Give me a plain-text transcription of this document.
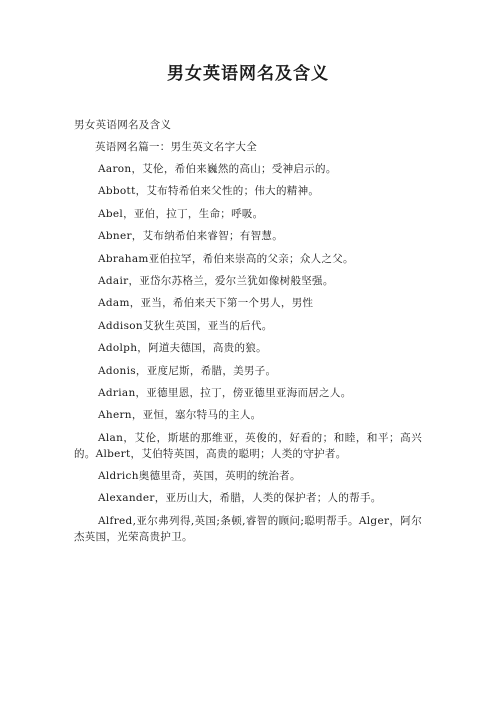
男女英语网名及含义

男女英语网名及含义

英语网名篇一：男生英文名字大全

Aaron，艾伦，希伯来巍然的高山；受神启示的。

Abbott，艾布特希伯来父性的；伟大的精神。

Abel，亚伯，拉丁，生命；呼吸。

Abner，艾布纳希伯来睿智；有智慧。

Abraham亚伯拉罕，希伯来崇高的父亲；众人之父。

Adair，亚岱尔苏格兰，爱尔兰犹如像树般坚强。

Adam，亚当，希伯来天下第一个男人，男性

Addison艾狄生英国，亚当的后代。

Adolph，阿道夫德国，高贵的狼。

Adonis，亚度尼斯，希腊，美男子。

Adrian，亚德里恩，拉丁，傍亚德里亚海而居之人。

Ahern，亚恒，塞尔特马的主人。

Alan，艾伦，斯堪的那维亚，英俊的，好看的；和睦，和平；高兴的。Albert，艾伯特英国，高贵的聪明；人类的守护者。

Aldrich奥德里奇，英国，英明的统治者。

Alexander，亚历山大，希腊，人类的保护者；人的帮手。

Alfred,亚尔弗列得,英国;条顿,睿智的顾问;聪明帮手。Alger，阿尔杰英国，光荣高贵护卫。
